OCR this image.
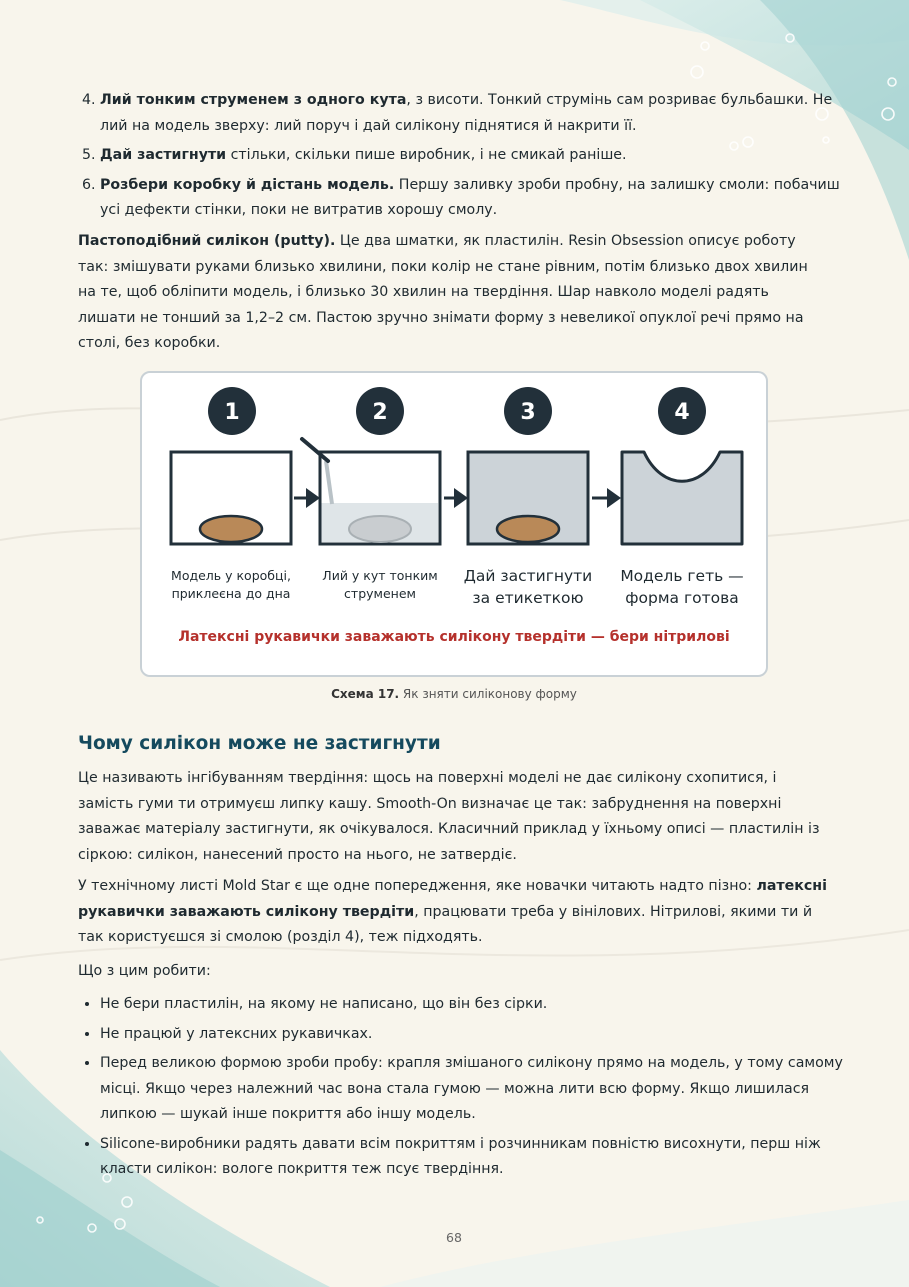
4. Лий тонким струменем з одного кута, з висоти. Тонкий струмінь сам розриває бульбашки. Не лий на модель зверху: лий поруч і дай силікону піднятися й накрити її.
5. Дай застигнути стільки, скільки пише виробник, і не смикай раніше.
6. Розбери коробку й дістань модель. Першу заливку зроби пробну, на залишку смоли: побачиш усі дефекти стінки, поки не витратив хорошу смолу.

Пастоподібний силікон (putty). Це два шматки, як пластилін. Resin Obsession описує роботу так: змішувати руками близько хвилини, поки колір не стане рівним, потім близько двох хвилин на те, щоб обліпити модель, і близько 30 хвилин на твердіння. Шар навколо моделі радять лишати не тонший за 1,2–2 см. Пастою зручно знімати форму з невеликої опуклої речі прямо на столі, без коробки.

1	2	3	4
Модель у коробці, приклеєна до дна
Лий у кут тонким струменем
Дай застигнути за етикеткою
Модель геть — форма готова
Латексні рукавички заважають силікону твердіти — бери нітрилові
Схема 17. Як зняти силіконову форму
Чому силікон може не застигнути

Це називають інгібуванням твердіння: щось на поверхні моделі не дає силікону схопитися, і замість гуми ти отримуєш липку кашу. Smooth-On визначає це так: забруднення на поверхні заважає матеріалу застигнути, як очікувалося. Класичний приклад у їхньому описі — пластилін із сіркою: силікон, нанесений просто на нього, не затвердіє.

У технічному листі Mold Star є ще одне попередження, яке новачки читають надто пізно: латексні рукавички заважають силікону твердіти, працювати треба у вінілових. Нітрилові, якими ти й так користуєшся зі смолою (розділ 4), теж підходять.

Що з цим робити:

• Не бери пластилін, на якому не написано, що він без сірки.
• Не працюй у латексних рукавичках.
• Перед великою формою зроби пробу: крапля змішаного силікону прямо на модель, у тому самому місці. Якщо через належний час вона стала гумою — можна лити всю форму. Якщо лишилася липкою — шукай інше покриття або іншу модель.
• Silicone-виробники радять давати всім покриттям і розчинникам повністю висохнути, перш ніж класти силікон: вологе покриття теж псує твердіння.
68
